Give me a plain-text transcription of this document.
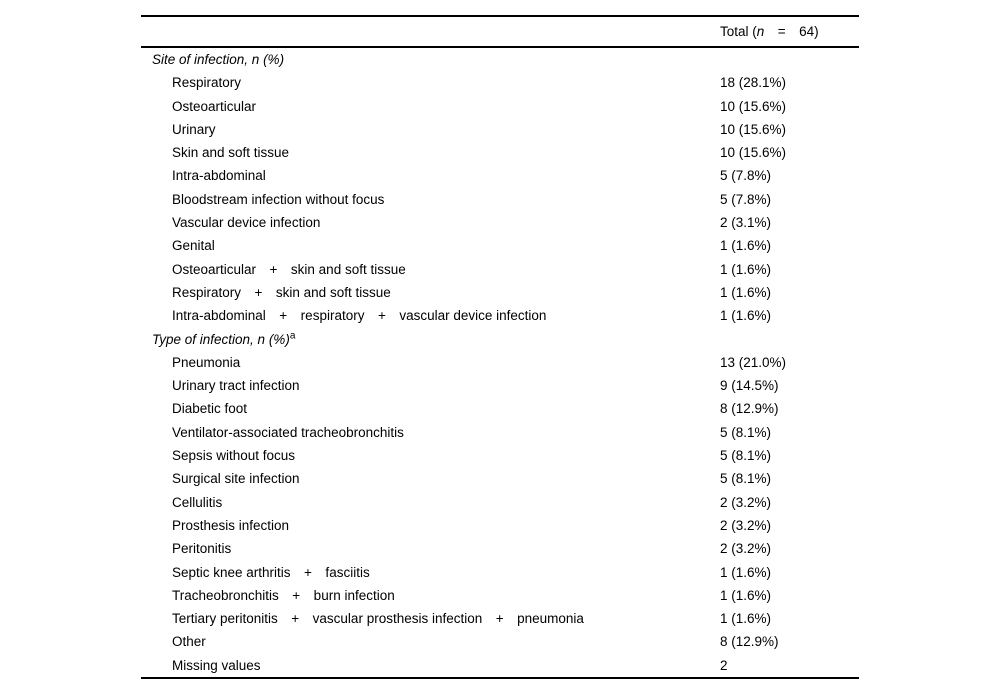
Total (n  =  64)
Site of infection, n (%)
Respiratory	18 (28.1%)
Osteoarticular	10 (15.6%)
Urinary	10 (15.6%)
Skin and soft tissue	10 (15.6%)
Intra-abdominal	5 (7.8%)
Bloodstream infection without focus	5 (7.8%)
Vascular device infection	2 (3.1%)
Genital	1 (1.6%)
Osteoarticular  +  skin and soft tissue	1 (1.6%)
Respiratory  +  skin and soft tissue	1 (1.6%)
Intra-abdominal  +  respiratory  +  vascular device infection	1 (1.6%)
Type of infection, n (%)$^a$
Pneumonia	13 (21.0%)
Urinary tract infection	9 (14.5%)
Diabetic foot	8 (12.9%)
Ventilator-associated tracheobronchitis	5 (8.1%)
Sepsis without focus	5 (8.1%)
Surgical site infection	5 (8.1%)
Cellulitis	2 (3.2%)
Prosthesis infection	2 (3.2%)
Peritonitis	2 (3.2%)
Septic knee arthritis  +  fasciitis	1 (1.6%)
Tracheobronchitis  +  burn infection	1 (1.6%)
Tertiary peritonitis  +  vascular prosthesis infection  +  pneumonia	1 (1.6%)
Other	8 (12.9%)
Missing values	2
